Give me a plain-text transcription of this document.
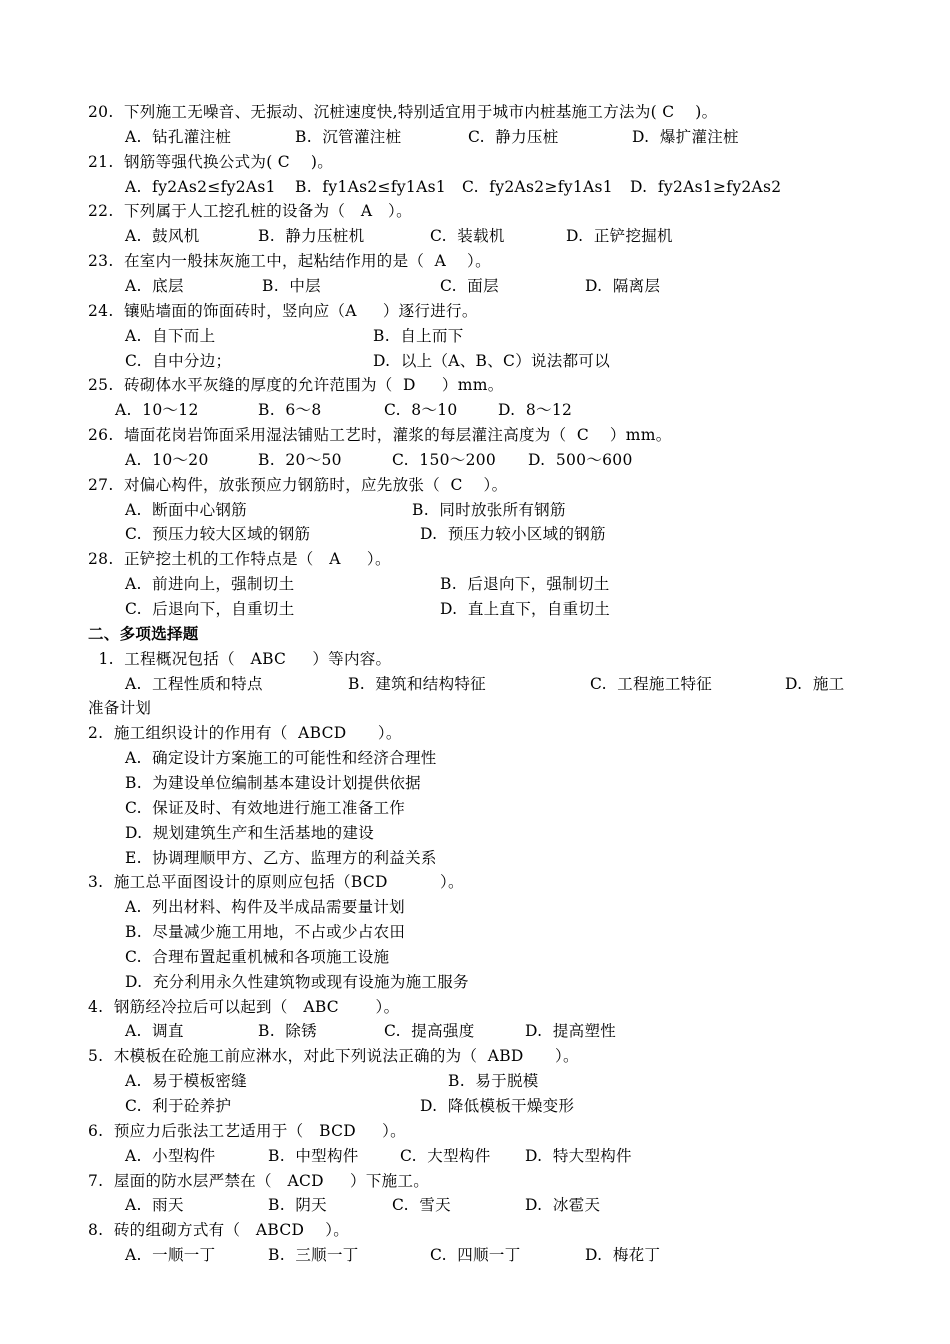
20.  下列施工无噪音、无振动、沉桩速度快,特别适宜用于城市内桩基施工方法为( C    )。
A.  钻孔灌注桩	B.  沉管灌注桩	C.  静力压桩	D.  爆扩灌注桩
21.  钢筋等强代换公式为( C    )。
A.  fy2As2≤fy2As1 B.  fy1As2≤fy1As1 C.  fy2As2≥fy1As1 D.  fy2As1≥fy2As2
22.  下列属于人工挖孔桩的设备为（   A   ）。
A.  鼓风机	B.  静力压桩机	C.  装载机	D.  正铲挖掘机
23.  在室内一般抹灰施工中，起粘结作用的是（  A    ）。
A.  底层	B.  中层	C.  面层	D.  隔离层
24.  镶贴墙面的饰面砖时，竖向应（A     ）逐行进行。
A.  自下而上	B.  自上而下
C.  自中分边；	D.  以上（A、B、C）说法都可以
25.  砖砌体水平灰缝的厚度的允许范围为（  D     ）mm。
A.  10～12	B.  6～8	C.  8～10	D.  8～12
26.  墙面花岗岩饰面采用湿法铺贴工艺时，灌浆的每层灌注高度为（  C    ）mm。
A.  10～20	B.  20～50	C.  150～200 D.  500～600
27.  对偏心构件，放张预应力钢筋时，应先放张（  C    ）。
A.  断面中心钢筋	B.  同时放张所有钢筋
C.  预压力较大区域的钢筋	D.  预压力较小区域的钢筋
28.  正铲挖土机的工作特点是（   A     ）。
A.  前进向上，强制切土	B.  后退向下，强制切土
C.  后退向下，自重切土	D.  直上直下，自重切土
二、多项选择题
1.  工程概况包括（   ABC     ）等内容。
A.  工程性质和特点	B.  建筑和结构特征	C.  工程施工特征	D.  施工
准备计划
2.  施工组织设计的作用有（  ABCD      ）。
A.  确定设计方案施工的可能性和经济合理性
B.  为建设单位编制基本建设计划提供依据
C.  保证及时、有效地进行施工准备工作
D.  规划建筑生产和生活基地的建设
E.  协调理顺甲方、乙方、监理方的利益关系
3.  施工总平面图设计的原则应包括（BCD          ）。
A.  列出材料、构件及半成品需要量计划
B.  尽量减少施工用地，不占或少占农田
C.  合理布置起重机械和各项施工设施
D.  充分利用永久性建筑物或现有设施为施工服务
4.  钢筋经冷拉后可以起到（   ABC       ）。
A.  调直	B.  除锈	C.  提高强度	D.  提高塑性
5.  木模板在砼施工前应淋水，对此下列说法正确的为（  ABD      ）。
A.  易于模板密缝	B.  易于脱模
C.  利于砼养护	D.  降低模板干燥变形
6.  预应力后张法工艺适用于（   BCD     ）。
A.  小型构件	B.  中型构件	C.  大型构件 D.  特大型构件
7.  屋面的防水层严禁在（   ACD     ）下施工。
A.  雨天	B.  阴天	C.  雪天	D.  冰雹天
8.  砖的组砌方式有（   ABCD    ）。
A.  一顺一丁	B.  三顺一丁	C.  四顺一丁	D.  梅花丁
